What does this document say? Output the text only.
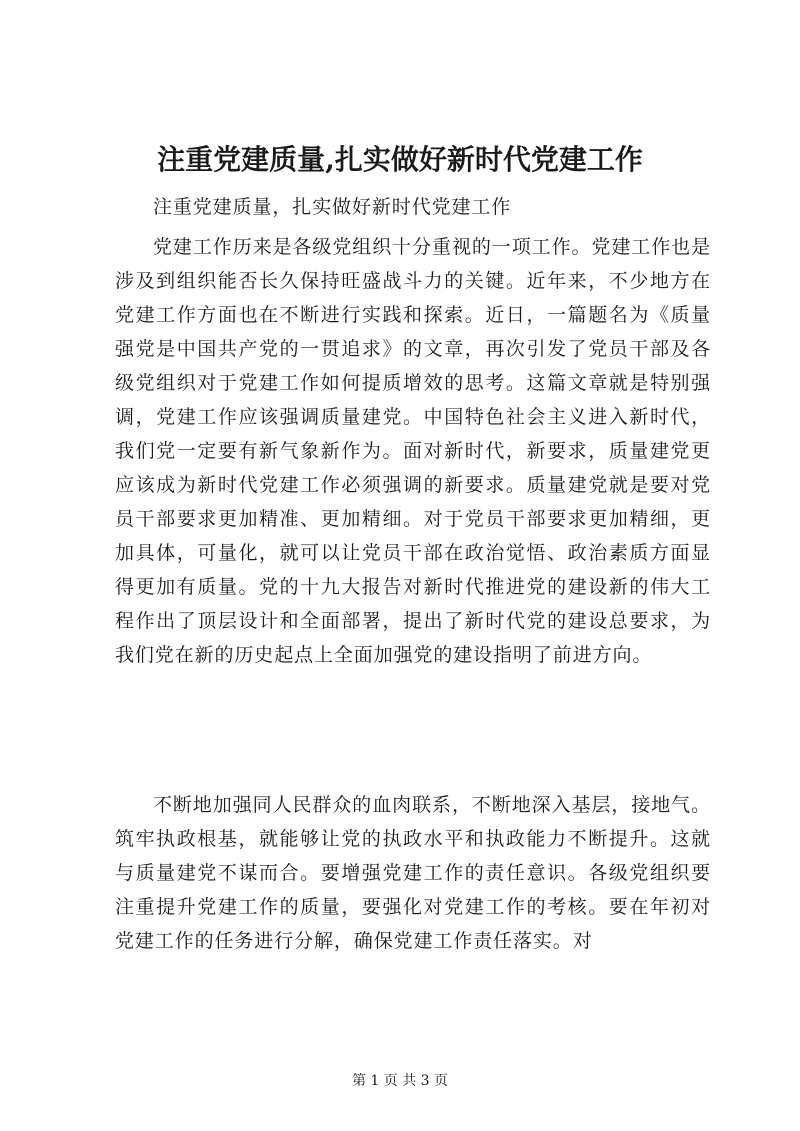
注重党建质量,扎实做好新时代党建工作
注重党建质量，扎实做好新时代党建工作

党建工作历来是各级党组织十分重视的一项工作。党建工作也是涉及到组织能否长久保持旺盛战斗力的关键。近年来，不少地方在党建工作方面也在不断进行实践和探索。近日，一篇题名为《质量强党是中国共产党的一贯追求》的文章，再次引发了党员干部及各级党组织对于党建工作如何提质增效的思考。这篇文章就是特别强调，党建工作应该强调质量建党。中国特色社会主义进入新时代，我们党一定要有新气象新作为。面对新时代，新要求，质量建党更应该成为新时代党建工作必须强调的新要求。质量建党就是要对党员干部要求更加精准、更加精细。对于党员干部要求更加精细，更加具体，可量化，就可以让党员干部在政治觉悟、政治素质方面显得更加有质量。党的十九大报告对新时代推进党的建设新的伟大工程作出了顶层设计和全面部署，提出了新时代党的建设总要求，为我们党在新的历史起点上全面加强党的建设指明了前进方向。

不断地加强同人民群众的血肉联系，不断地深入基层，接地气。筑牢执政根基，就能够让党的执政水平和执政能力不断提升。这就与质量建党不谋而合。要增强党建工作的责任意识。各级党组织要注重提升党建工作的质量，要强化对党建工作的考核。要在年初对党建工作的任务进行分解，确保党建工作责任落实。对

第 1 页 共 3 页
